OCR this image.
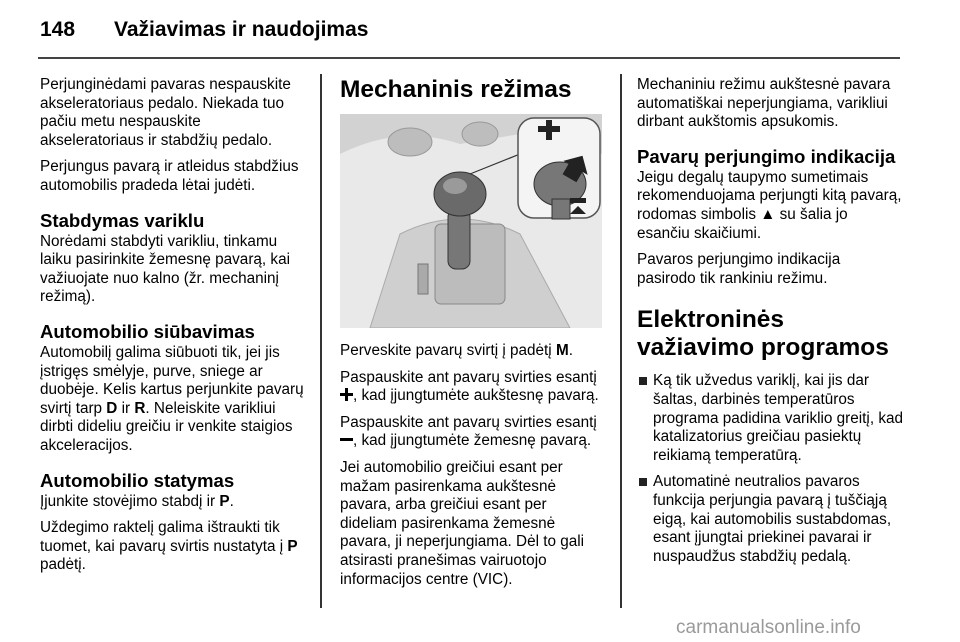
148 Važiavimas ir naudojimas

Perjunginėdami pavaras nespauskite akseleratoriaus pedalo. Niekada tuo pačiu metu nespauskite akseleratoriaus ir stabdžių pedalo.

Perjungus pavarą ir atleidus stabdžius automobilis pradeda lėtai judėti.

Stabdymas variklu

Norėdami stabdyti varikliu, tinkamu laiku pasirinkite žemesnę pavarą, kai važiuojate nuo kalno (žr. mechaninį režimą).

Automobilio siūbavimas

Automobilį galima siūbuoti tik, jei jis įstrigęs smėlyje, purve, sniege ar duobėje. Kelis kartus perjunkite pavarų svirtį tarp D ir R. Neleiskite varikliui dirbti dideliu greičiu ir venkite staigios akceleracijos.

Automobilio statymas

Įjunkite stovėjimo stabdį ir P.

Uždegimo raktelį galima ištraukti tik tuomet, kai pavarų svirtis nustatyta į P padėtį.

Mechaninis režimas

Perveskite pavarų svirtį į padėtį M.

Paspauskite ant pavarų svirties esantį , kad įjungtumėte aukštesnę pavarą.

Paspauskite ant pavarų svirties esantį , kad įjungtumėte žemesnę pavarą.

Jei automobilio greičiui esant per mažam pasirenkama aukštesnė pavara, arba greičiui esant per dideliam pasirenkama žemesnė pavara, ji neperjungiama. Dėl to gali atsirasti pranešimas vairuotojo informacijos centre (VIC).

Mechaniniu režimu aukštesnė pavara automatiškai neperjungiama, varikliui dirbant aukštomis apsukomis.

Pavarų perjungimo indikacija

Jeigu degalų taupymo sumetimais rekomenduojama perjungti kitą pavarą, rodomas simbolis ▲ su šalia jo esančiu skaičiumi.

Pavaros perjungimo indikacija pasirodo tik rankiniu režimu.

Elektroninės važiavimo programos
Ką tik užvedus variklį, kai jis dar šaltas, darbinės temperatūros programa padidina variklio greitį, kad katalizatorius greičiau pasiektų reikiamą temperatūrą.
Automatinė neutralios pavaros funkcija perjungia pavarą į tuščiąją eigą, kai automobilis sustabdomas, esant įjungtai priekinei pavarai ir nuspaudžus stabdžių pedalą.
carmanualsonline.info
